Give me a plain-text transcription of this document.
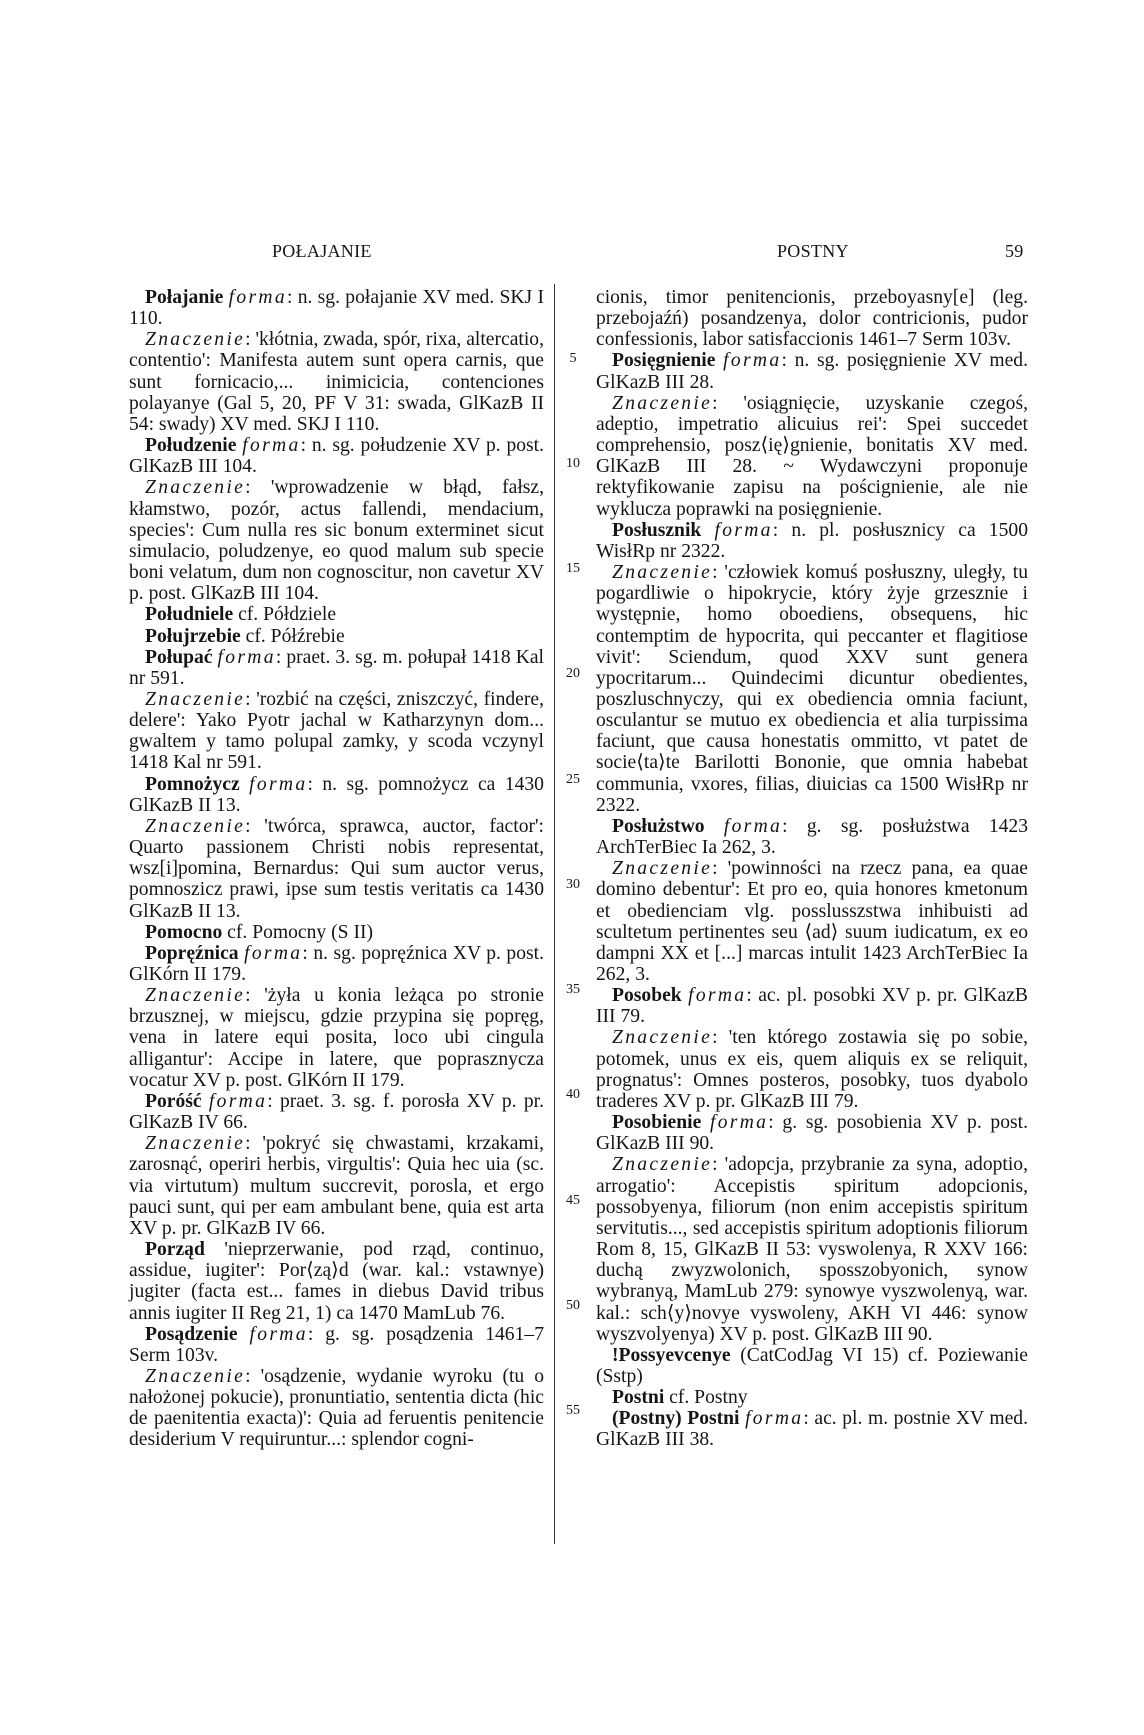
POŁAJANIE	POSTNY	59
5
10
15
20
25
30
35
40
45
50
55

Połajanie forma: n. sg. połajanie XV med. SKJ I 110.

Znaczenie: 'kłótnia, zwada, spór, rixa, altercatio, contentio': Manifesta autem sunt opera carnis, que sunt fornicacio,... inimicicia, contenciones polayanye (Gal 5, 20, PF V 31: swada, GlKazB II 54: swady) XV med. SKJ I 110.

Połudzenie forma: n. sg. połudzenie XV p. post. GlKazB III 104.

Znaczenie: 'wprowadzenie w błąd, fałsz, kłamstwo, pozór, actus fallendi, mendacium, species': Cum nulla res sic bonum exterminet sicut simulacio, poludzenye, eo quod malum sub specie boni velatum, dum non cognoscitur, non cavetur XV p. post. GlKazB III 104.

Południele cf. Półdziele

Połujrzebie cf. Półźrebie

Połupać forma: praet. 3. sg. m. połupał 1418 Kal nr 591.

Znaczenie: 'rozbić na części, zniszczyć, findere, delere': Yako Pyotr jachal w Katharzynyn dom... gwaltem y tamo polupal zamky, y scoda vczynyl 1418 Kal nr 591.

Pomnożycz forma: n. sg. pomnożycz ca 1430 GlKazB II 13.

Znaczenie: 'twórca, sprawca, auctor, factor': Quarto passionem Christi nobis representat, wsz[i]pomina, Bernardus: Qui sum auctor verus, pomnoszicz prawi, ipse sum testis veritatis ca 1430 GlKazB II 13.

Pomocno cf. Pomocny (S II)

Popręźnica forma: n. sg. popręźnica XV p. post. GlKórn II 179.

Znaczenie: 'żyła u konia leżąca po stronie brzusznej, w miejscu, gdzie przypina się popręg, vena in latere equi posita, loco ubi cingula alligantur': Accipe in latere, que poprasznycza vocatur XV p. post. GlKórn II 179.

Poróść forma: praet. 3. sg. f. porosła XV p. pr. GlKazB IV 66.

Znaczenie: 'pokryć się chwastami, krzakami, zarosnąć, operiri herbis, virgultis': Quia hec uia (sc. via virtutum) multum succrevit, porosla, et ergo pauci sunt, qui per eam ambulant bene, quia est arta XV p. pr. GlKazB IV 66.

Porząd 'nieprzerwanie, pod rząd, continuo, assidue, iugiter': Por⟨zą⟩d (war. kal.: vstawnye) jugiter (facta est... fames in diebus David tribus annis iugiter II Reg 21, 1) ca 1470 MamLub 76.

Posądzenie forma: g. sg. posądzenia 1461–7 Serm 103v.

Znaczenie: 'osądzenie, wydanie wyroku (tu o nałożonej pokucie), pronuntiatio, sententia dicta (hic de paenitentia exacta)': Quia ad feruentis penitencie desiderium V requiruntur...: splendor cogni-

cionis, timor penitencionis, przeboyasny[e] (leg. przebojaźń) posandzenya, dolor contricionis, pudor confessionis, labor satisfaccionis 1461–7 Serm 103v.

Posięgnienie forma: n. sg. posięgnienie XV med. GlKazB III 28.

Znaczenie: 'osiągnięcie, uzyskanie czegoś, adeptio, impetratio alicuius rei': Spei succedet comprehensio, posz⟨ię⟩gnienie, bonitatis XV med. GlKazB III 28. ~ Wydawczyni proponuje rektyfikowanie zapisu na poścignienie, ale nie wyklucza poprawki na posięgnienie.

Posłusznik forma: n. pl. posłusznicy ca 1500 WisłRp nr 2322.

Znaczenie: 'człowiek komuś posłuszny, uległy, tu pogardliwie o hipokrycie, który żyje grzesznie i występnie, homo oboediens, obsequens, hic contemptim de hypocrita, qui peccanter et flagitiose vivit': Sciendum, quod XXV sunt genera ypocritarum... Quindecimi dicuntur obedientes, poszluschnyczy, qui ex obediencia omnia faciunt, osculantur se mutuo ex obediencia et alia turpissima faciunt, que causa honestatis ommitto, vt patet de socie⟨ta⟩te Barilotti Bononie, que omnia habebat communia, vxores, filias, diuicias ca 1500 WisłRp nr 2322.

Posłużstwo forma: g. sg. posłużstwa 1423 ArchTerBiec Ia 262, 3.

Znaczenie: 'powinności na rzecz pana, ea quae domino debentur': Et pro eo, quia honores kmetonum et obedienciam vlg. posslusszstwa inhibuisti ad scultetum pertinentes seu ⟨ad⟩ suum iudicatum, ex eo dampni XX et [...] marcas intulit 1423 ArchTerBiec Ia 262, 3.

Posobek forma: ac. pl. posobki XV p. pr. GlKazB III 79.

Znaczenie: 'ten którego zostawia się po sobie, potomek, unus ex eis, quem aliquis ex se reliquit, prognatus': Omnes posteros, posobky, tuos dyabolo traderes XV p. pr. GlKazB III 79.

Posobienie forma: g. sg. posobienia XV p. post. GlKazB III 90.

Znaczenie: 'adopcja, przybranie za syna, adoptio, arrogatio': Accepistis spiritum adopcionis, possobyenya, filiorum (non enim accepistis spiritum servitutis..., sed accepistis spiritum adoptionis filiorum Rom 8, 15, GlKazB II 53: vyswolenya, R XXV 166: duchą zwyzwolonich, sposszobyonich, synow wybranyą, MamLub 279: synowye vyszwolenyą, war. kal.: sch⟨y⟩novye vyswoleny, AKH VI 446: synow wyszvolyenya) XV p. post. GlKazB III 90.

!Possyevcenye (CatCodJag VI 15) cf. Poziewanie (Sstp)

Postni cf. Postny

(Postny) Postni forma: ac. pl. m. postnie XV med. GlKazB III 38.
